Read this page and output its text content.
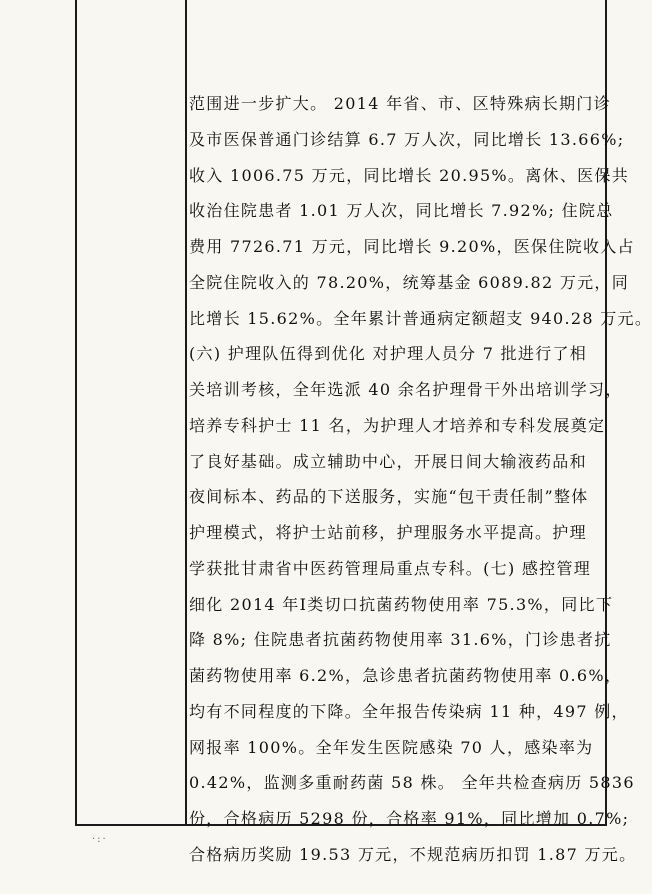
范围进一步扩大。 2014 年省、市、区特殊病长期门诊
及市医保普通门诊结算 6.7 万人次，同比增长 13.66%;
收入 1006.75 万元，同比增长 20.95%。离休、医保共
收治住院患者 1.01 万人次，同比增长 7.92%; 住院总
费用 7726.71 万元，同比增长 9.20%，医保住院收入占
全院住院收入的 78.20%，统筹基金 6089.82 万元，同
比增长 15.62%。全年累计普通病定额超支 940.28 万元。
(六) 护理队伍得到优化 对护理人员分 7 批进行了相
关培训考核，全年选派 40 余名护理骨干外出培训学习，
培养专科护士 11 名，为护理人才培养和专科发展奠定
了良好基础。成立辅助中心，开展日间大输液药品和
夜间标本、药品的下送服务，实施“包干责任制”整体
护理模式，将护士站前移，护理服务水平提高。护理
学获批甘肃省中医药管理局重点专科。(七) 感控管理
细化 2014 年Ⅰ类切口抗菌药物使用率 75.3%，同比下
降 8%; 住院患者抗菌药物使用率 31.6%，门诊患者抗
菌药物使用率 6.2%，急诊患者抗菌药物使用率 0.6%，
均有不同程度的下降。全年报告传染病 11 种，497 例，
网报率 100%。全年发生医院感染 70 人，感染率为
0.42%，监测多重耐药菌 58 株。 全年共检查病历 5836
份，合格病历 5298 份，合格率 91%，同比增加 0.7%;
合格病历奖励 19.53 万元，不规范病历扣罚 1.87 万元。
·:·
